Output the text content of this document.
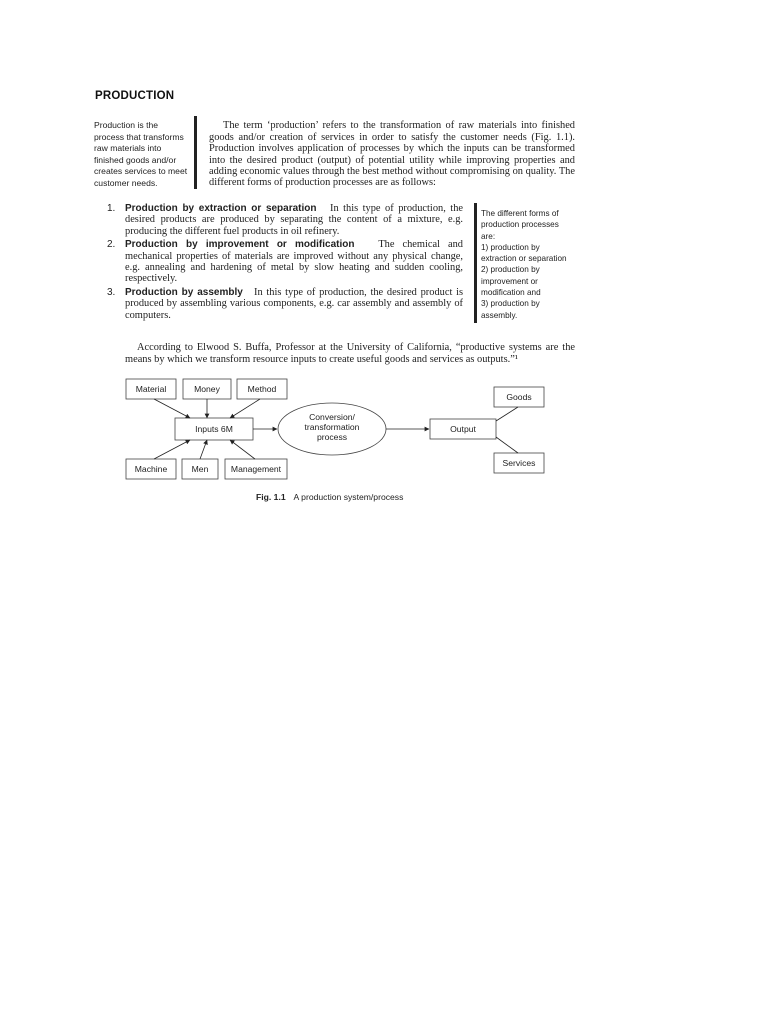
PRODUCTION
Production is the
process that transforms
raw materials into
finished goods and/or
creates services to meet
customer needs.

The term ‘production’ refers to the transformation of raw materials into finished goods and/or creation of services in order to satisfy the customer needs (Fig. 1.1). Production involves application of processes by which the inputs can be transformed into the desired product (output) of potential utility while improving properties and adding economic values through the best method without compromising on quality. The different forms of production processes are as follows:

1. Production by extraction or separation In this type of production, the desired products are produced by separating the content of a mixture, e.g. producing the different fuel products in oil refinery.
2. Production by improvement or modification The chemical and mechanical properties of materials are improved without any physical change, e.g. annealing and hardening of metal by slow heating and sudden cooling, respectively.
3. Production by assembly In this type of production, the desired product is produced by assembling various components, e.g. car assembly and assembly of computers.
The different forms of
production processes
are:
1) production by extraction or separation
2) production by improvement or modification and
3) production by assembly.

According to Elwood S. Buffa, Professor at the University of California, “productive systems are the means by which we transform resource inputs to create useful goods and services as outputs.”¹

Material	Money	Method
Inputs 6M
Machine	Men	Management
Conversion/
transformation
process
Output
Goods
Services
Fig. 1.1 A production system/process
